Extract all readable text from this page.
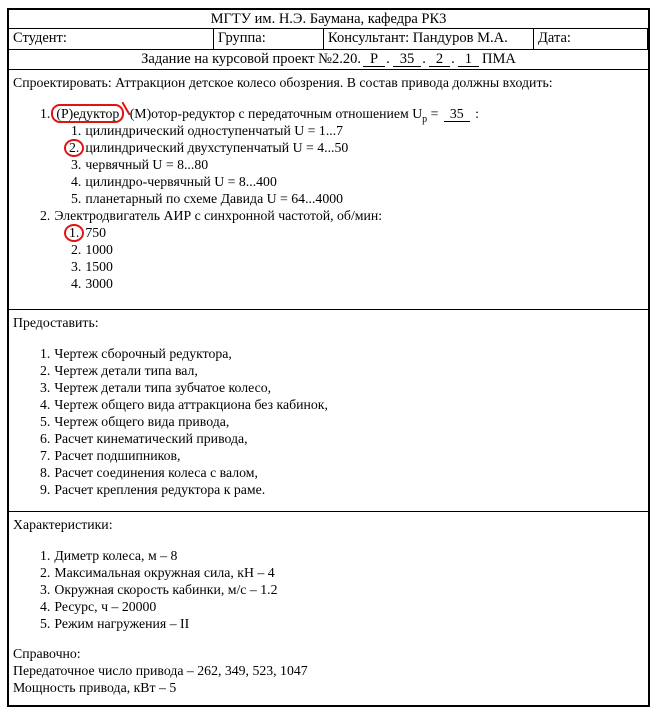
МГТУ им. Н.Э. Баумана, кафедра РК3
Студент:	Группа:	Консультант: Пандуров М.А.	Дата:
Задание на курсовой проект №2.20. Р . 35 . 2 . 1 ПМА
Спроектировать: Аттракцион детское колесо обозрения. В состав привода должны входить:
1. (Р)едуктор (М)отор-редуктор с передаточным отношением $U_р = 35$ :
1. цилиндрический одноступенчатый U = 1...7
2. цилиндрический двухступенчатый U = 4...50
3. червячный U = 8...80
4. цилиндро-червячный U = 8...400
5. планетарный по схеме Давида U = 64...4000
2. Электродвигатель АИР с синхронной частотой, об/мин:
1. 750
2. 1000
3. 1500
4. 3000
Предоставить:
1. Чертеж сборочный редуктора,
2. Чертеж детали типа вал,
3. Чертеж детали типа зубчатое колесо,
4. Чертеж общего вида аттракциона без кабинок,
5. Чертеж общего вида привода,
6. Расчет кинематический привода,
7. Расчет подшипников,
8. Расчет соединения колеса с валом,
9. Расчет крепления редуктора к раме.
Характеристики:
1. Диметр колеса, м – 8
2. Максимальная окружная сила, кН – 4
3. Окружная скорость кабинки, м/с – 1.2
4. Ресурс, ч – 20000
5. Режим нагружения – II
Справочно:
Передаточное число привода – 262, 349, 523, 1047
Мощность привода, кВт – 5
